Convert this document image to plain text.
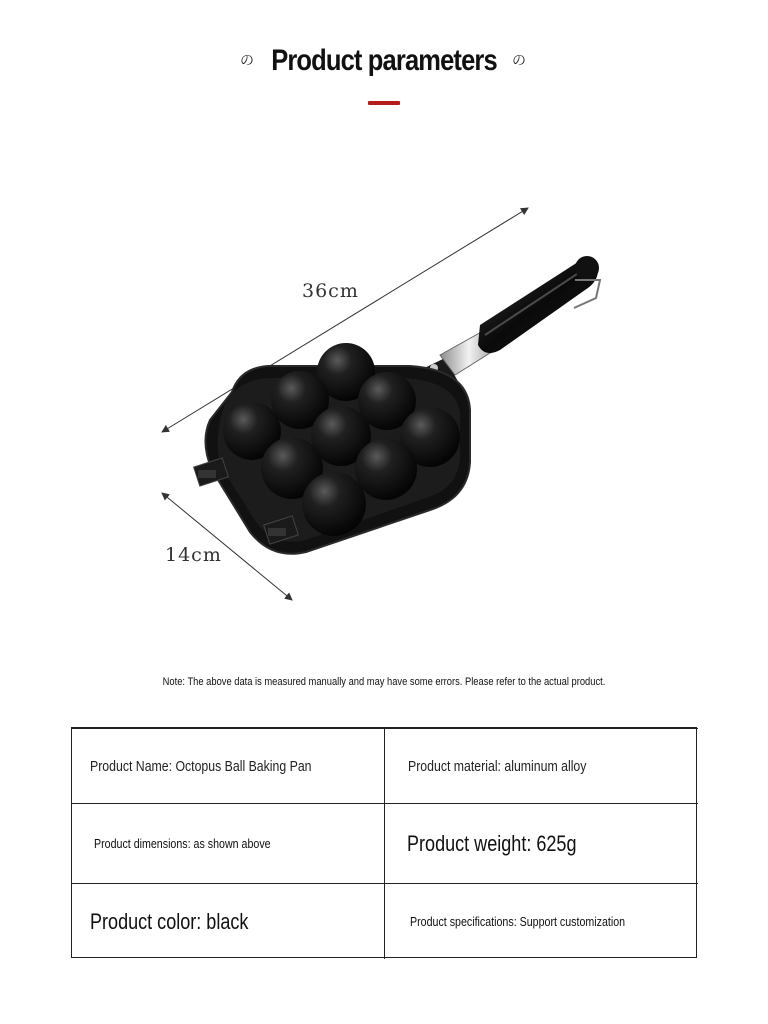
の Product parameters	の
36cm
14cm
Note: The above data is measured manually and may have some errors. Please refer to the actual product.
Product Name: Octopus Ball Baking Pan	Product material: aluminum alloy
Product dimensions: as shown above	Product weight: 625g
Product color: black	Product specifications: Support customization
